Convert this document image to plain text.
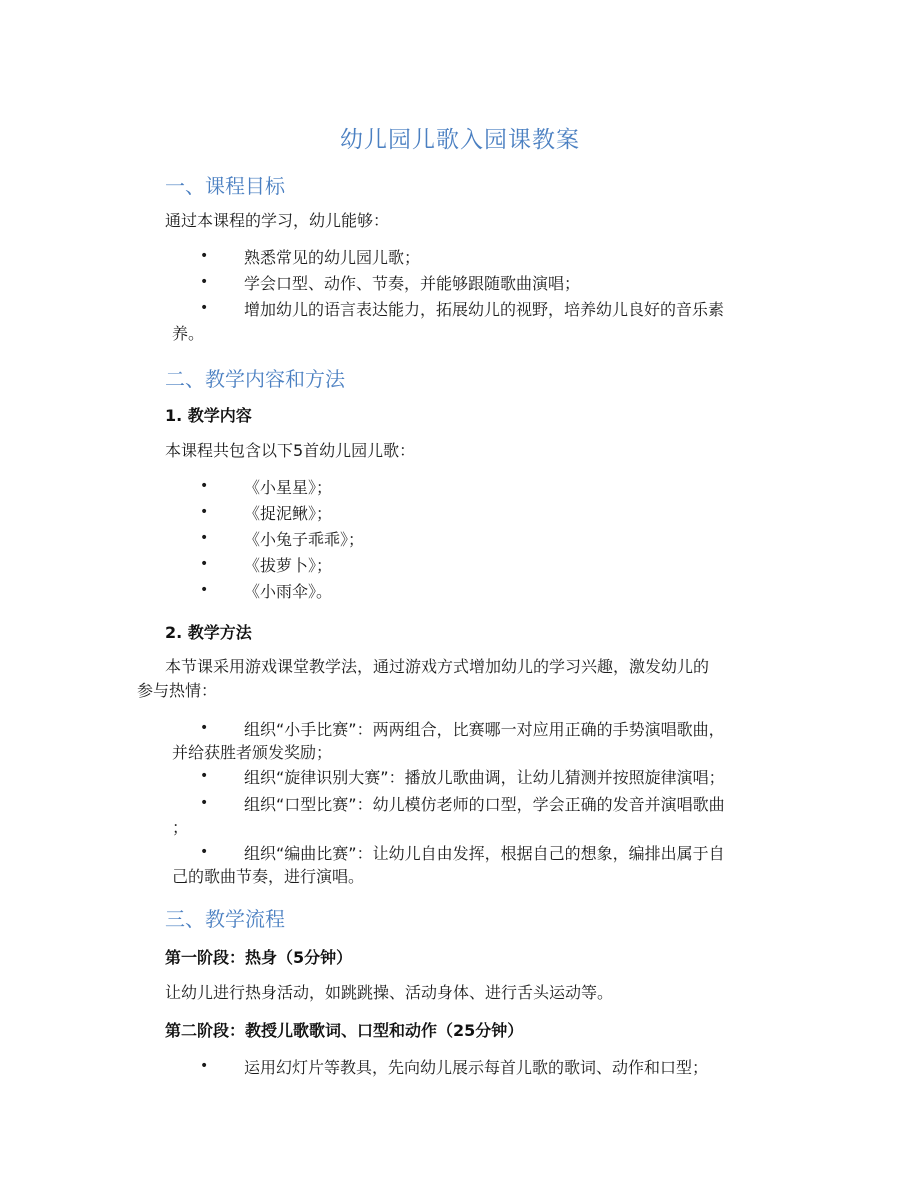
幼儿园儿歌入园课教案
一、课程目标
通过本课程的学习，幼儿能够：
• 熟悉常见的幼儿园儿歌；
• 学会口型、动作、节奏，并能够跟随歌曲演唱；
• 增加幼儿的语言表达能力，拓展幼儿的视野，培养幼儿良好的音乐素
养。
二、教学内容和方法
1. 教学内容
本课程共包含以下5首幼儿园儿歌：
• 《小星星》；
• 《捉泥鳅》；
• 《小兔子乖乖》；
• 《拔萝卜》；
• 《小雨伞》。
2. 教学方法
本节课采用游戏课堂教学法，通过游戏方式增加幼儿的学习兴趣，激发幼儿的
参与热情：
• 组织“小手比赛”：两两组合，比赛哪一对应用正确的手势演唱歌曲，
并给获胜者颁发奖励；
• 组织“旋律识别大赛”：播放儿歌曲调，让幼儿猜测并按照旋律演唱；
• 组织“口型比赛”：幼儿模仿老师的口型，学会正确的发音并演唱歌曲
；
• 组织“编曲比赛”：让幼儿自由发挥，根据自己的想象，编排出属于自
己的歌曲节奏，进行演唱。
三、教学流程
第一阶段：热身（5分钟）
让幼儿进行热身活动，如跳跳操、活动身体、进行舌头运动等。
第二阶段：教授儿歌歌词、口型和动作（25分钟）
• 运用幻灯片等教具，先向幼儿展示每首儿歌的歌词、动作和口型；
